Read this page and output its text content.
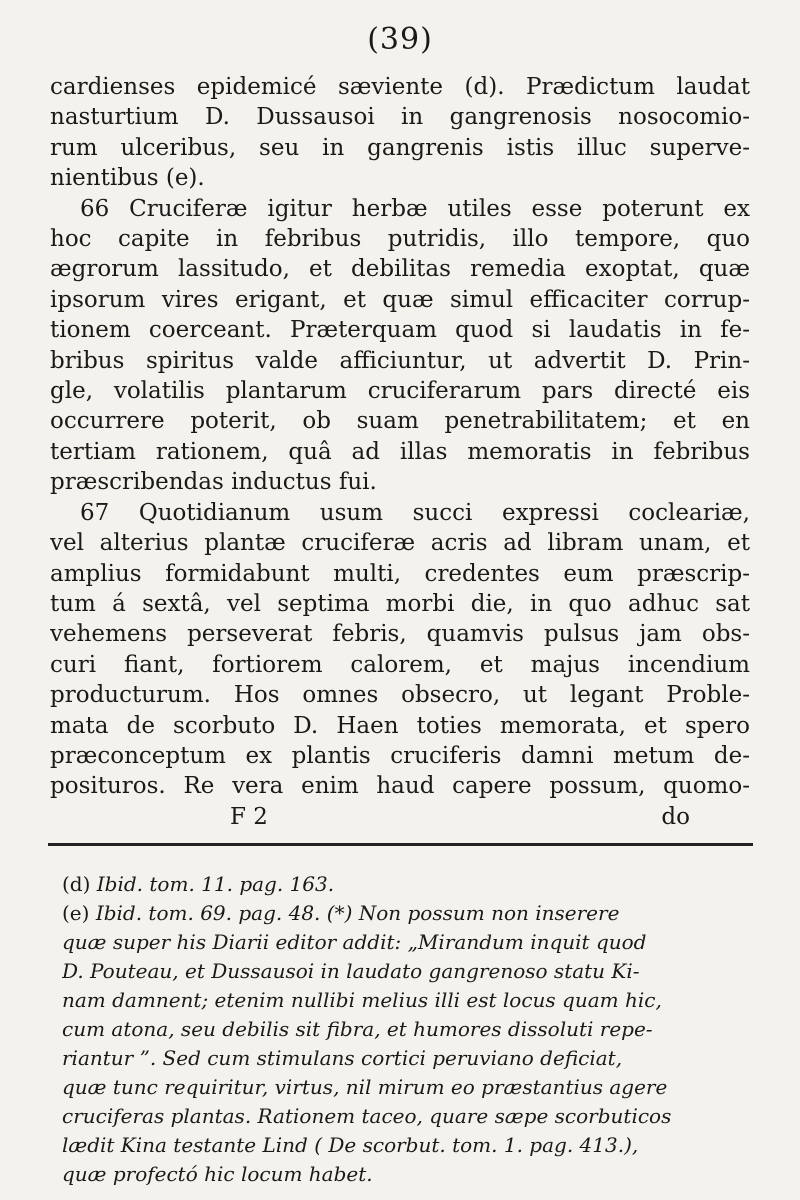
(39)
cardienses epidemicé sæviente (d). Prædictum laudat
nasturtium D. Dussausoi in gangrenosis nosocomio-
rum ulceribus, seu in gangrenis istis illuc superve-
nientibus (e).
66 Cruciferæ igitur herbæ utiles esse poterunt ex
hoc capite in febribus putridis, illo tempore, quo
ægrorum lassitudo, et debilitas remedia exoptat, quæ
ipsorum vires erigant, et quæ simul efficaciter corrup-
tionem coerceant. Præterquam quod si laudatis in fe-
bribus spiritus valde afficiuntur, ut advertit D. Prin-
gle, volatilis plantarum cruciferarum pars directé eis
occurrere poterit, ob suam penetrabilitatem; et en
tertiam rationem, quâ ad illas memoratis in febribus
præscribendas inductus fui.
67 Quotidianum usum succi expressi cocleariæ,
vel alterius plantæ cruciferæ acris ad libram unam, et
amplius formidabunt multi, credentes eum præscrip-
tum á sextâ, vel septima morbi die, in quo adhuc sat
vehemens perseverat febris, quamvis pulsus jam obs-
curi fiant, fortiorem calorem, et majus incendium
producturum. Hos omnes obsecro, ut legant Proble-
mata de scorbuto D. Haen toties memorata, et spero
præconceptum ex plantis cruciferis damni metum de-
posituros. Re vera enim haud capere possum, quomo-
F 2	do
(d) Ibid. tom. 11. pag. 163.
(e) Ibid. tom. 69. pag. 48. (*) Non possum non inserere
quæ super his Diarii editor addit: „Mirandum inquit quod
D. Pouteau, et Dussausoi in laudato gangrenoso statu Ki-
nam damnent; etenim nullibi melius illi est locus quam hic,
cum atona, seu debilis sit fibra, et humores dissoluti repe-
riantur ”. Sed cum stimulans cortici peruviano deficiat,
quæ tunc requiritur, virtus, nil mirum eo præstantius agere
cruciferas plantas. Rationem taceo, quare sæpe scorbuticos
lædit Kina testante Lind ( De scorbut. tom. 1. pag. 413.),
quæ profectó hic locum habet.
